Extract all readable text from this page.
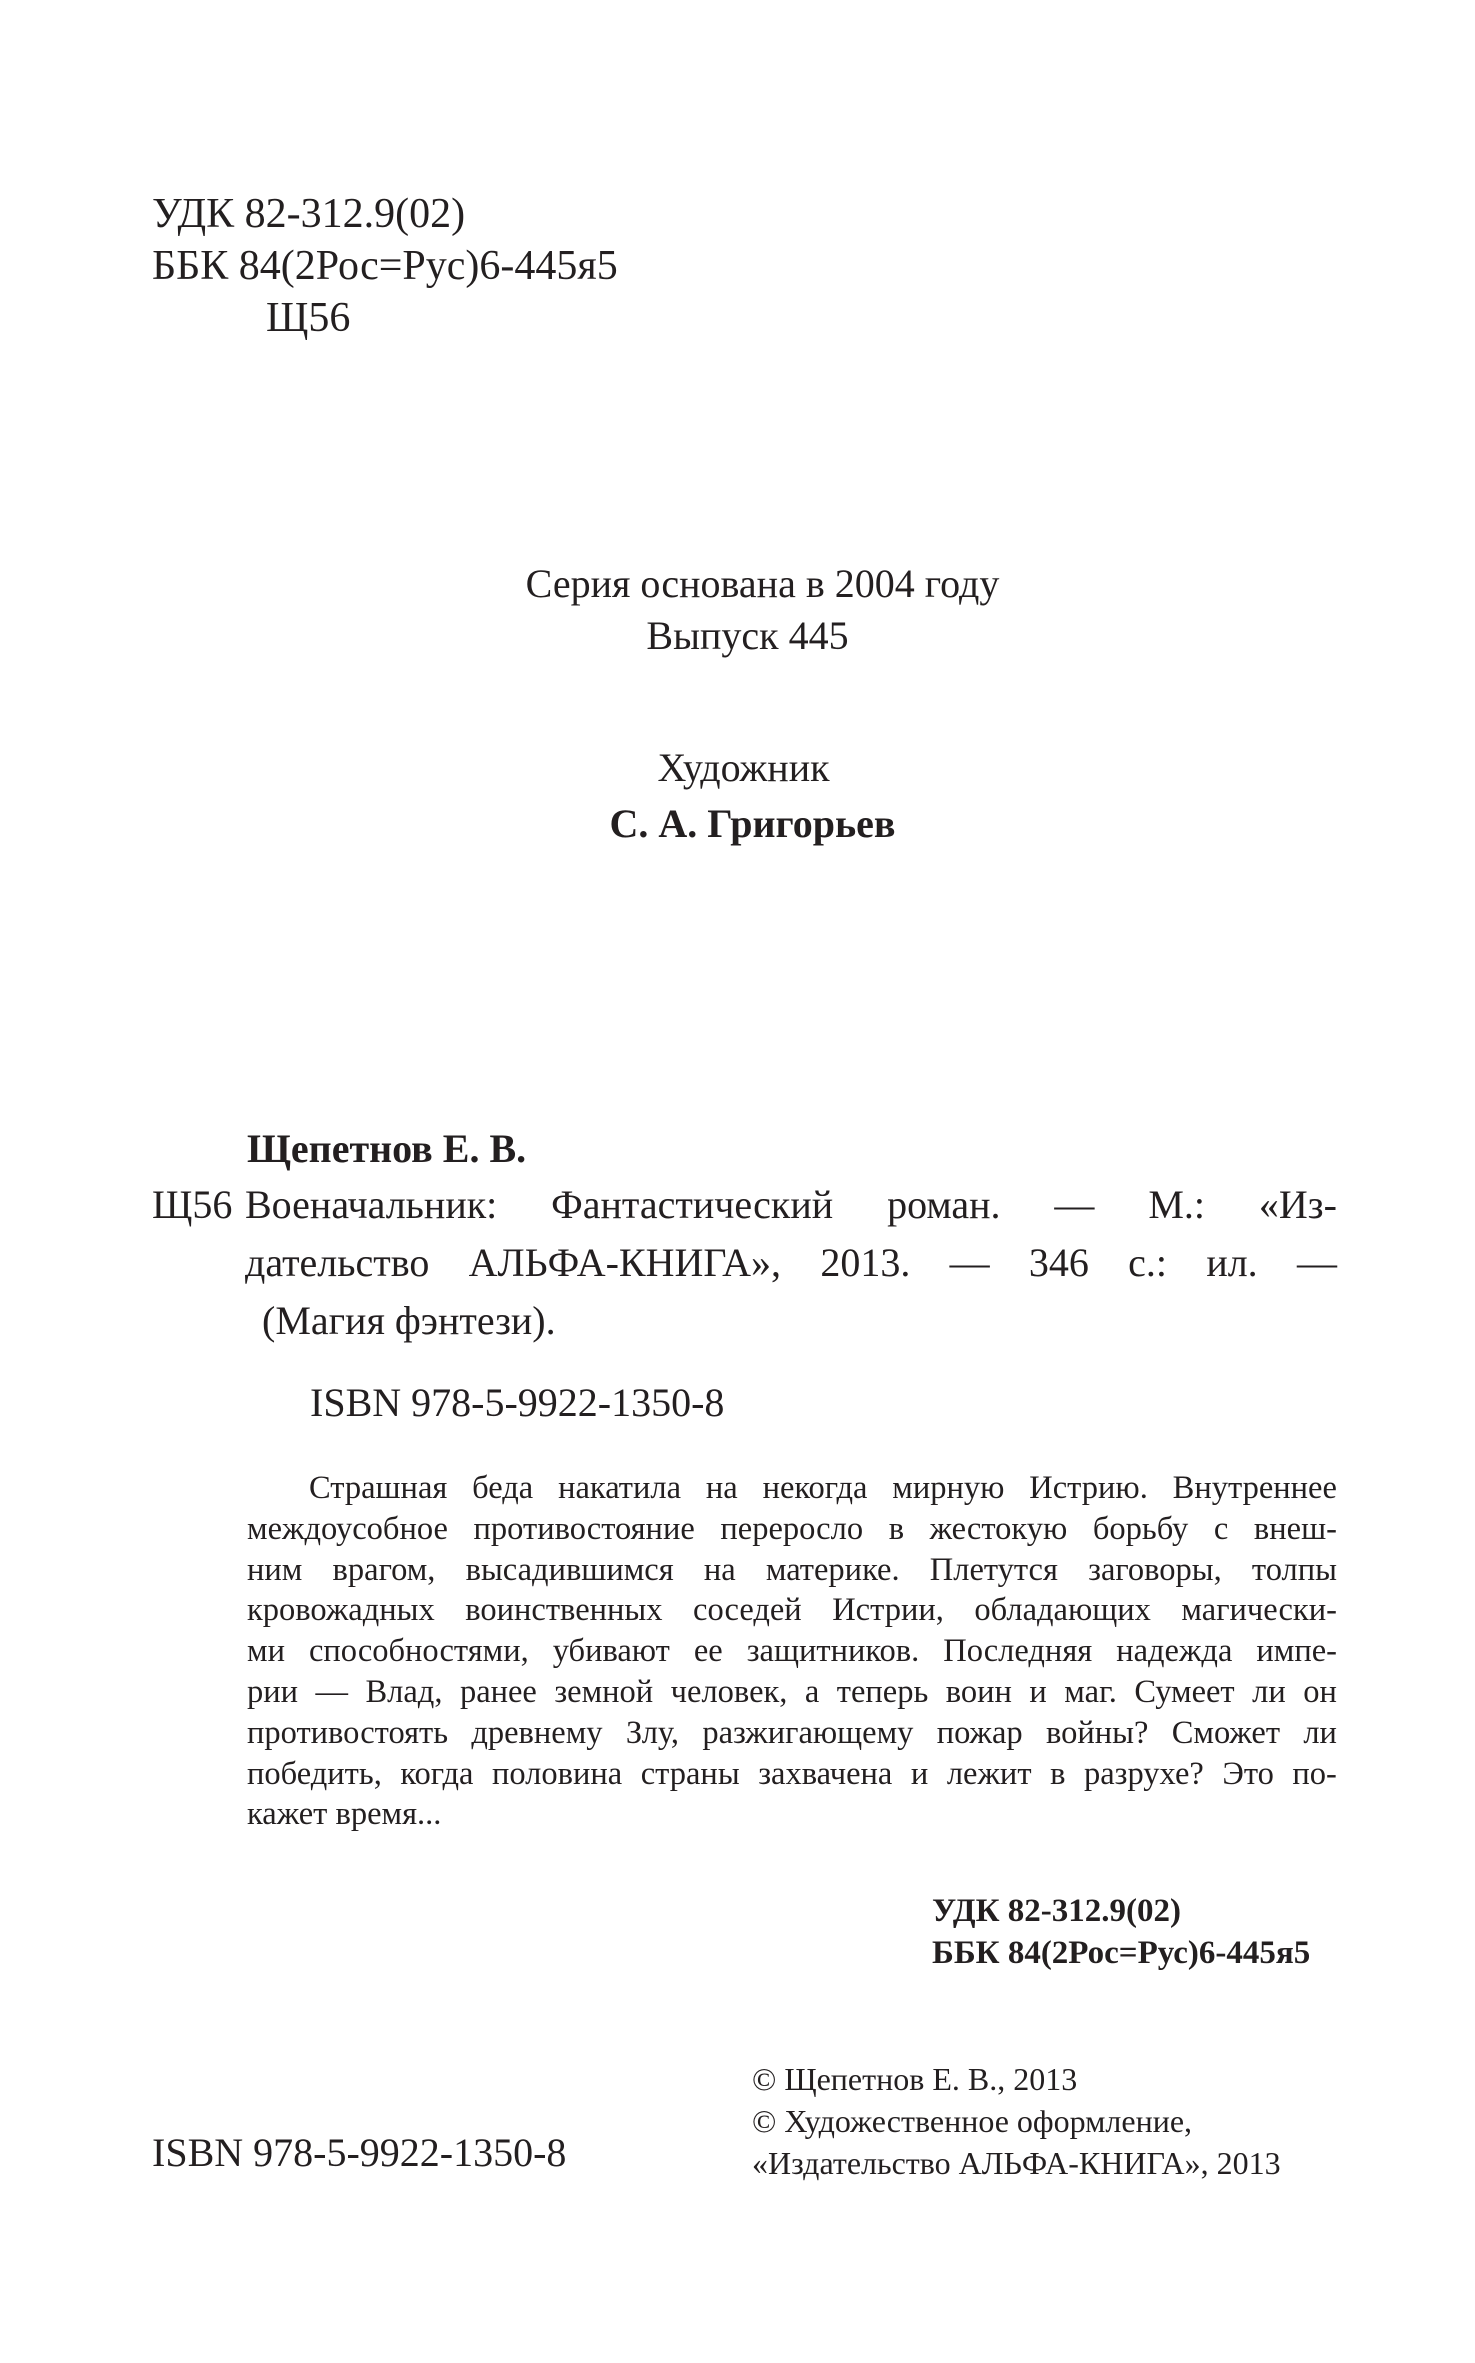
УДК 82-312.9(02)
ББК 84(2Рос=Рус)6-445я5
Щ56
Серия основана в 2004 году
Выпуск 445
Художник
С. А. Григорьев
Щепетнов Е. В.
Щ56 Военачальник: Фантастический роман. — М.: «Из-
дательство АЛЬФА-КНИГА», 2013. — 346 с.: ил. —
(Магия фэнтези).
ISBN 978-5-9922-1350-8
Страшная беда накатила на некогда мирную Истрию. Внутреннее
междоусобное противостояние переросло в жестокую борьбу с внеш-
ним врагом, высадившимся на материке. Плетутся заговоры, толпы
кровожадных воинственных соседей Истрии, обладающих магически-
ми способностями, убивают ее защитников. Последняя надежда импе-
рии — Влад, ранее земной человек, а теперь воин и маг. Сумеет ли он
противостоять древнему Злу, разжигающему пожар войны? Сможет ли
победить, когда половина страны захвачена и лежит в разрухе? Это по-
кажет время...
УДК 82-312.9(02)
ББК 84(2Рос=Рус)6-445я5
ISBN 978-5-9922-1350-8
© Щепетнов Е. В., 2013
© Художественное оформление,
«Издательство АЛЬФА-КНИГА», 2013
